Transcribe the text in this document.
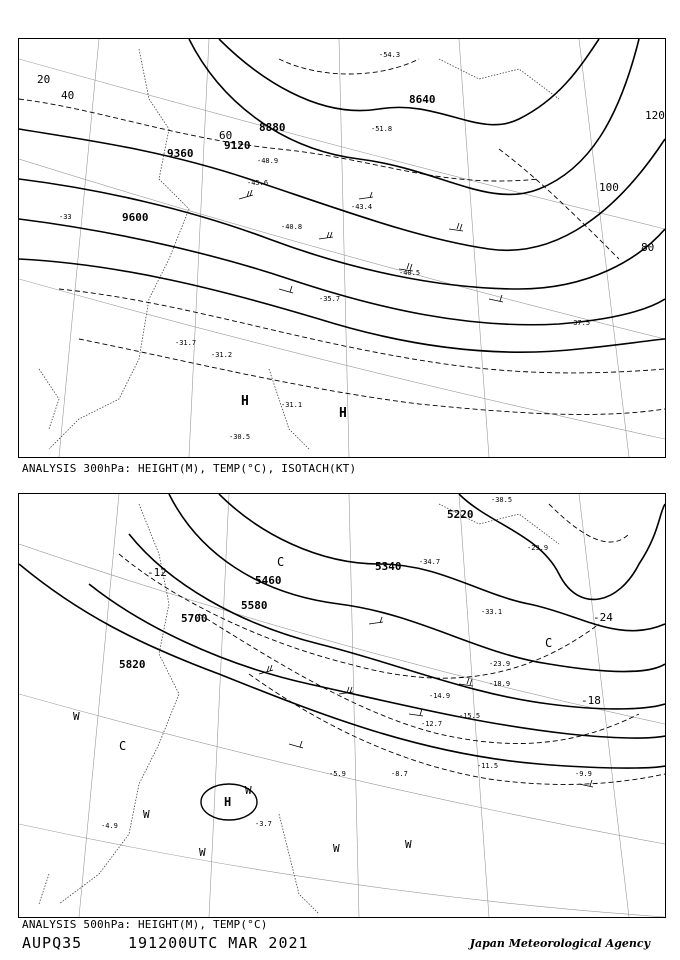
8640
8880
9120
9360
9600
20
40
60
80
100
120
-54.3
-51.8
-48.9
-45.6
-43.4
-40.8
-40.5
-37.5
-35.7
-33
-31.7
-31.2
-31.1
-30.5
H
H
ANALYSIS 300hPa: HEIGHT(M), TEMP(°C), ISOTACH(KT)
5220
5340
5460
5580
5700
5820
-12
-24
-18
-38.5
-34.7
-33.1
-29.9
-23.9
-18.9
-15.5
-14.9
-12.7
-11.5
-9.9
-8.7
-5.9
-4.9	-3.7
C
C
C
H
W
W
W	W	W
W
ANALYSIS 500hPa: HEIGHT(M), TEMP(°C)
AUPQ35	191200UTC MAR 2021	Japan Meteorological Agency
